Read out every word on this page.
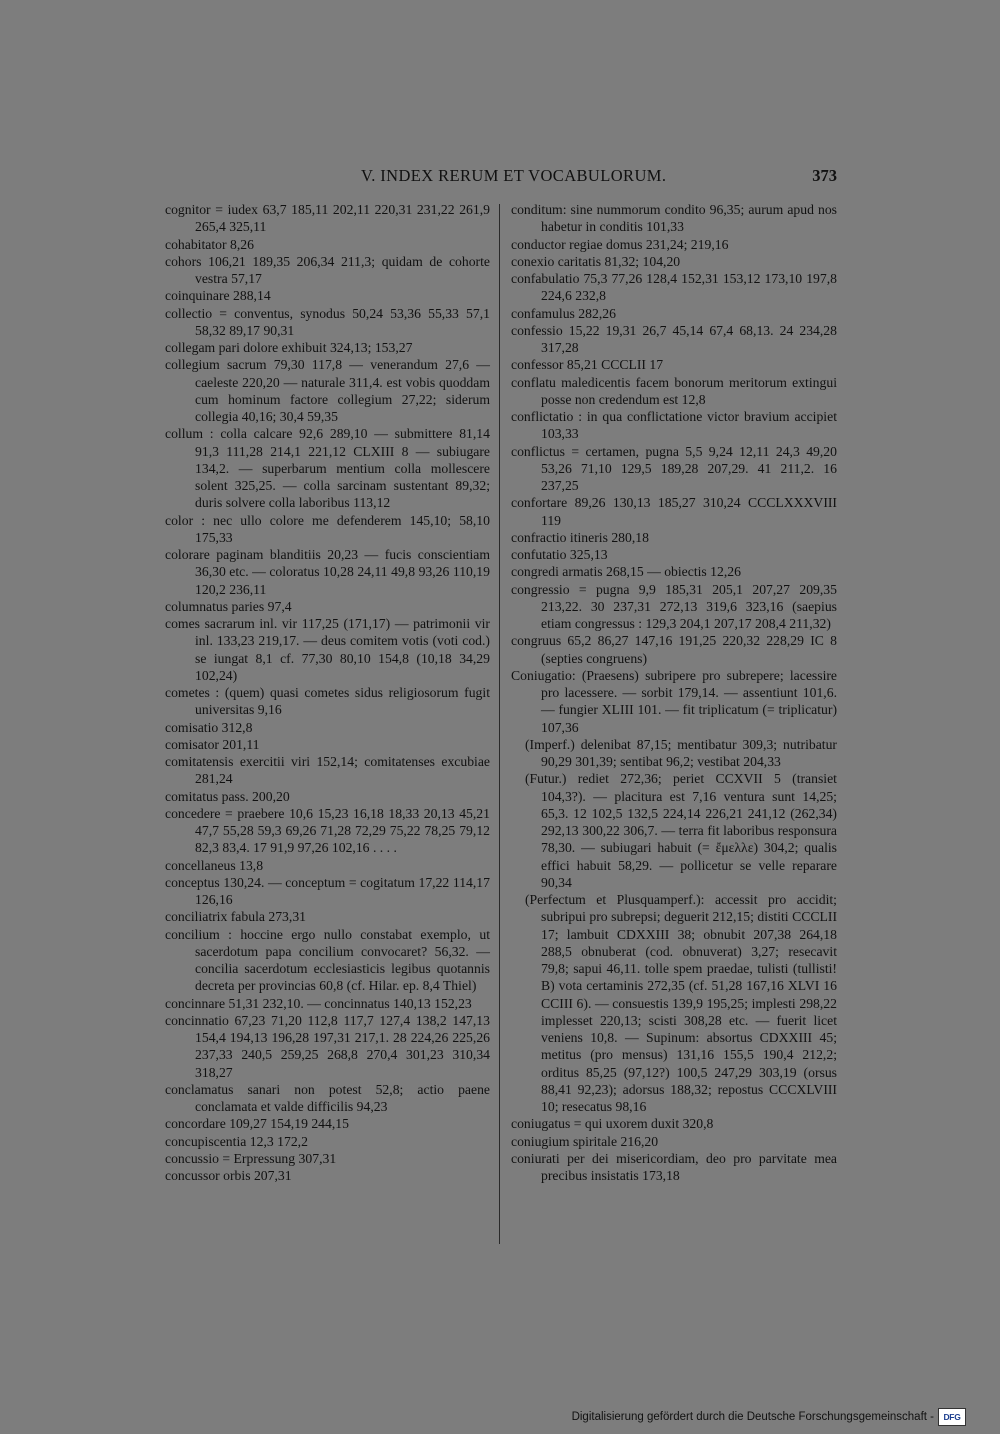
V. INDEX RERUM ET VOCABULORUM.	373

cognitor = iudex 63,7 185,11 202,11 220,31 231,22 261,9 265,4 325,11

cohabitator 8,26

cohors 106,21 189,35 206,34 211,3; quidam de cohorte vestra 57,17

coinquinare 288,14

collectio = conventus, synodus 50,24 53,36 55,33 57,1 58,32 89,17 90,31

collegam pari dolore exhibuit 324,13; 153,27

collegium sacrum 79,30 117,8 — venerandum 27,6 — caeleste 220,20 — naturale 311,4. est vobis quoddam cum hominum factore collegium 27,22; siderum collegia 40,16; 30,4 59,35

collum : colla calcare 92,6 289,10 — submittere 81,14 91,3 111,28 214,1 221,12 CLXIII 8 — subiugare 134,2. — superbarum mentium colla mollescere solent 325,25. — colla sarcinam sustentant 89,32; duris solvere colla laboribus 113,12

color : nec ullo colore me defenderem 145,10; 58,10 175,33

colorare paginam blanditiis 20,23 — fucis conscientiam 36,30 etc. — coloratus 10,28 24,11 49,8 93,26 110,19 120,2 236,11

columnatus paries 97,4

comes sacrarum inl. vir 117,25 (171,17) — patrimonii vir inl. 133,23 219,17. — deus comitem votis (voti cod.) se iungat 8,1 cf. 77,30 80,10 154,8 (10,18 34,29 102,24)

cometes : (quem) quasi cometes sidus religiosorum fugit universitas 9,16

comisatio 312,8

comisator 201,11

comitatensis exercitii viri 152,14; comitatenses excubiae 281,24

comitatus pass. 200,20

concedere = praebere 10,6 15,23 16,18 18,33 20,13 45,21 47,7 55,28 59,3 69,26 71,28 72,29 75,22 78,25 79,12 82,3 83,4. 17 91,9 97,26 102,16 . . . .

concellaneus 13,8

conceptus 130,24. — conceptum = cogitatum 17,22 114,17 126,16

conciliatrix fabula 273,31

concilium : hoccine ergo nullo constabat exemplo, ut sacerdotum papa concilium convocaret? 56,32. — concilia sacerdotum ecclesiasticis legibus quotannis decreta per provincias 60,8 (cf. Hilar. ep. 8,4 Thiel)

concinnare 51,31 232,10. — concinnatus 140,13 152,23

concinnatio 67,23 71,20 112,8 117,7 127,4 138,2 147,13 154,4 194,13 196,28 197,31 217,1. 28 224,26 225,26 237,33 240,5 259,25 268,8 270,4 301,23 310,34 318,27

conclamatus sanari non potest 52,8; actio paene conclamata et valde difficilis 94,23

concordare 109,27 154,19 244,15

concupiscentia 12,3 172,2

concussio = Erpressung 307,31

concussor orbis 207,31

conditum: sine nummorum condito 96,35; aurum apud nos habetur in conditis 101,33

conductor regiae domus 231,24; 219,16

conexio caritatis 81,32; 104,20

confabulatio 75,3 77,26 128,4 152,31 153,12 173,10 197,8 224,6 232,8

confamulus 282,26

confessio 15,22 19,31 26,7 45,14 67,4 68,13. 24 234,28 317,28

confessor 85,21 CCCLII 17

conflatu maledicentis facem bonorum meritorum extingui posse non credendum est 12,8

conflictatio : in qua conflictatione victor bravium accipiet 103,33

conflictus = certamen, pugna 5,5 9,24 12,11 24,3 49,20 53,26 71,10 129,5 189,28 207,29. 41 211,2. 16 237,25

confortare 89,26 130,13 185,27 310,24 CCCLXXXVIII 119

confractio itineris 280,18

confutatio 325,13

congredi armatis 268,15 — obiectis 12,26

congressio = pugna 9,9 185,31 205,1 207,27 209,35 213,22. 30 237,31 272,13 319,6 323,16 (saepius etiam congressus : 129,3 204,1 207,17 208,4 211,32)

congruus 65,2 86,27 147,16 191,25 220,32 228,29 IC 8 (septies congruens)

Coniugatio: (Praesens) subripere pro subrepere; lacessire pro lacessere. — sorbit 179,14. — assentiunt 101,6. — fungier XLIII 101. — fit triplicatum (= triplicatur) 107,36

(Imperf.) delenibat 87,15; mentibatur 309,3; nutribatur 90,29 301,39; sentibat 96,2; vestibat 204,33

(Futur.) rediet 272,36; periet CCXVII 5 (transiet 104,3?). — placitura est 7,16 ventura sunt 14,25; 65,3. 12 102,5 132,5 224,14 226,21 241,12 (262,34) 292,13 300,22 306,7. — terra fit laboribus responsura 78,30. — subiugari habuit (= ἔμελλε) 304,2; qualis effici habuit 58,29. — pollicetur se velle reparare 90,34

(Perfectum et Plusquamperf.): accessit pro accidit; subripui pro subrepsi; deguerit 212,15; distiti CCCLII 17; lambuit CDXXIII 38; obnubit 207,38 264,18 288,5 obnuberat (cod. obnuverat) 3,27; resecavit 79,8; sapui 46,11. tolle spem praedae, tulisti (tullisti! B) vota certaminis 272,35 (cf. 51,28 167,16 XLVI 16 CCIII 6). — consuestis 139,9 195,25; implesti 298,22 implesset 220,13; scisti 308,28 etc. — fuerit licet veniens 10,8. — Supinum: absortus CDXXIII 45; metitus (pro mensus) 131,16 155,5 190,4 212,2; orditus 85,25 (97,12?) 100,5 247,29 303,19 (orsus 88,41 92,23); adorsus 188,32; repostus CCCXLVIII 10; resecatus 98,16

coniugatus = qui uxorem duxit 320,8

coniugium spiritale 216,20

coniurati per dei misericordiam, deo pro parvitate mea precibus insistatis 173,18

Digitalisierung gefördert durch die Deutsche Forschungsgemeinschaft - DFG
